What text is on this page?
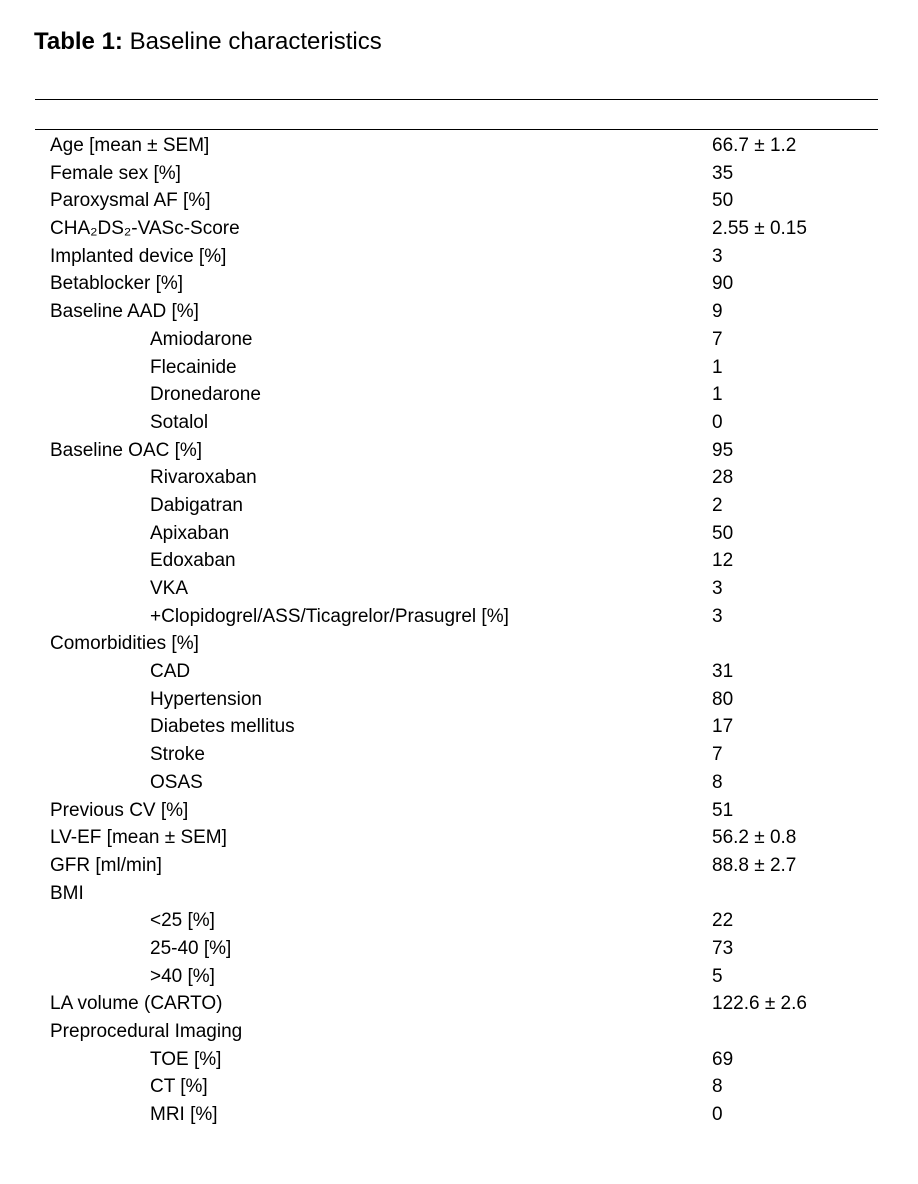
Table 1: Baseline characteristics
Age [mean ± SEM]	66.7 ± 1.2
Female sex [%]	35
Paroxysmal AF [%]	50
CHA₂DS₂-VASc-Score	2.55 ± 0.15
Implanted device [%]	3
Betablocker [%]	90
Baseline AAD [%]	9
Amiodarone	7
Flecainide	1
Dronedarone	1
Sotalol	0
Baseline OAC [%]	95
Rivaroxaban	28
Dabigatran	2
Apixaban	50
Edoxaban	12
VKA	3
+Clopidogrel/ASS/Ticagrelor/Prasugrel [%]	3
Comorbidities [%]
CAD	31
Hypertension	80
Diabetes mellitus	17
Stroke	7
OSAS	8
Previous CV [%]	51
LV-EF [mean ± SEM]	56.2 ± 0.8
GFR [ml/min]	88.8 ± 2.7
BMI
<25 [%]	22
25-40 [%]	73
>40 [%]	5
LA volume (CARTO)	122.6 ± 2.6
Preprocedural Imaging
TOE [%]	69
CT [%]	8
MRI [%]	0
